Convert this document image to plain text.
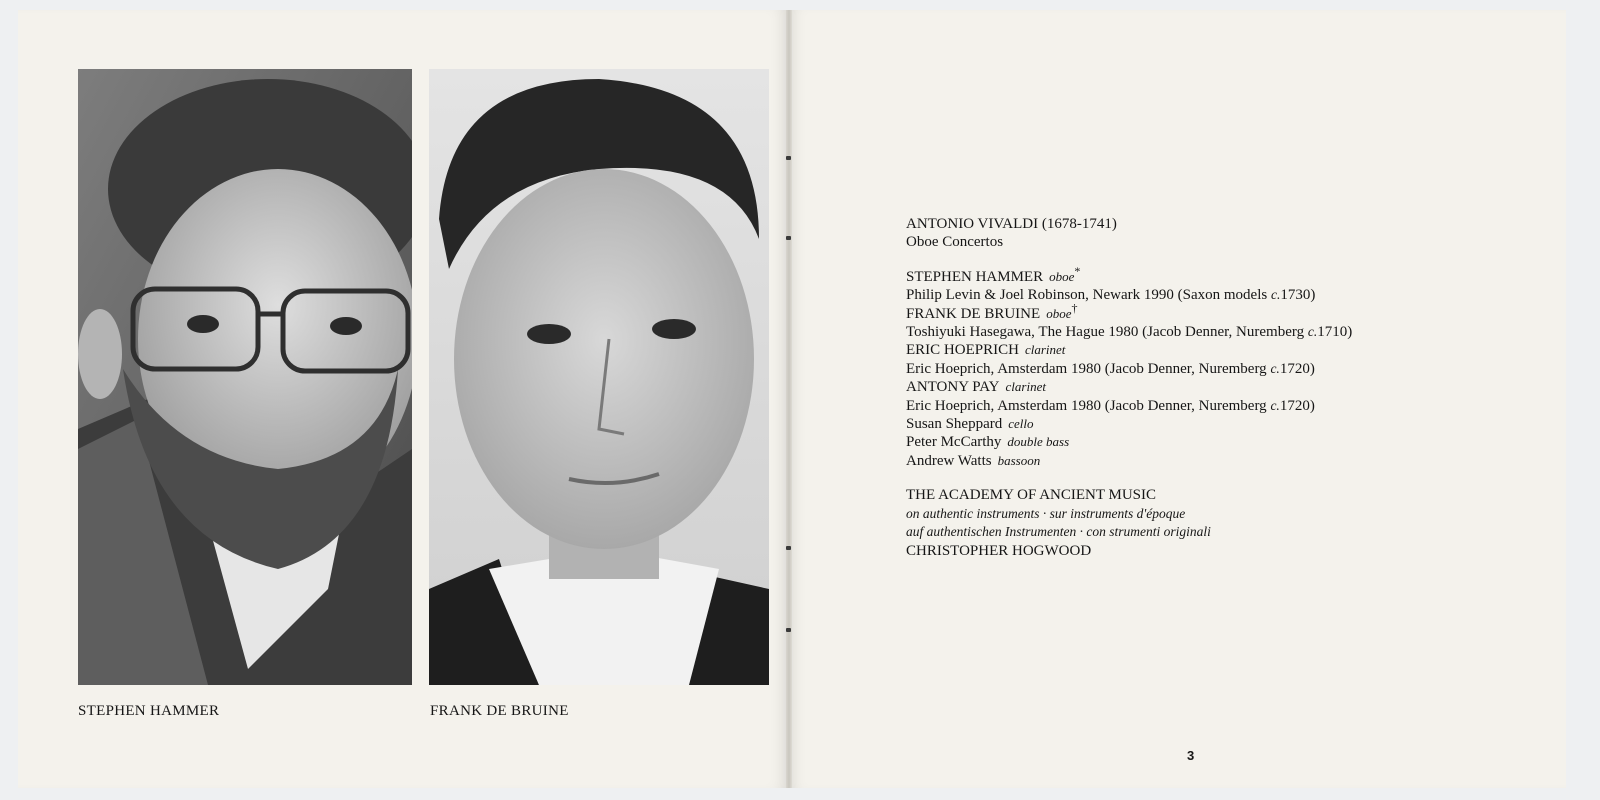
STEPHEN HAMMER	FRANK DE BRUINE
ANTONIO VIVALDI (1678-1741)
Oboe Concertos
STEPHEN HAMMER oboe*
Philip Levin & Joel Robinson, Newark 1990 (Saxon models c.1730)
FRANK DE BRUINE oboe†
Toshiyuki Hasegawa, The Hague 1980 (Jacob Denner, Nuremberg c.1710)
ERIC HOEPRICH clarinet
Eric Hoeprich, Amsterdam 1980 (Jacob Denner, Nuremberg c.1720)
ANTONY PAY clarinet
Eric Hoeprich, Amsterdam 1980 (Jacob Denner, Nuremberg c.1720)
Susan Sheppard cello
Peter McCarthy double bass
Andrew Watts bassoon
THE ACADEMY OF ANCIENT MUSIC
on authentic instruments · sur instruments d'époque
auf authentischen Instrumenten · con strumenti originali
CHRISTOPHER HOGWOOD
3
